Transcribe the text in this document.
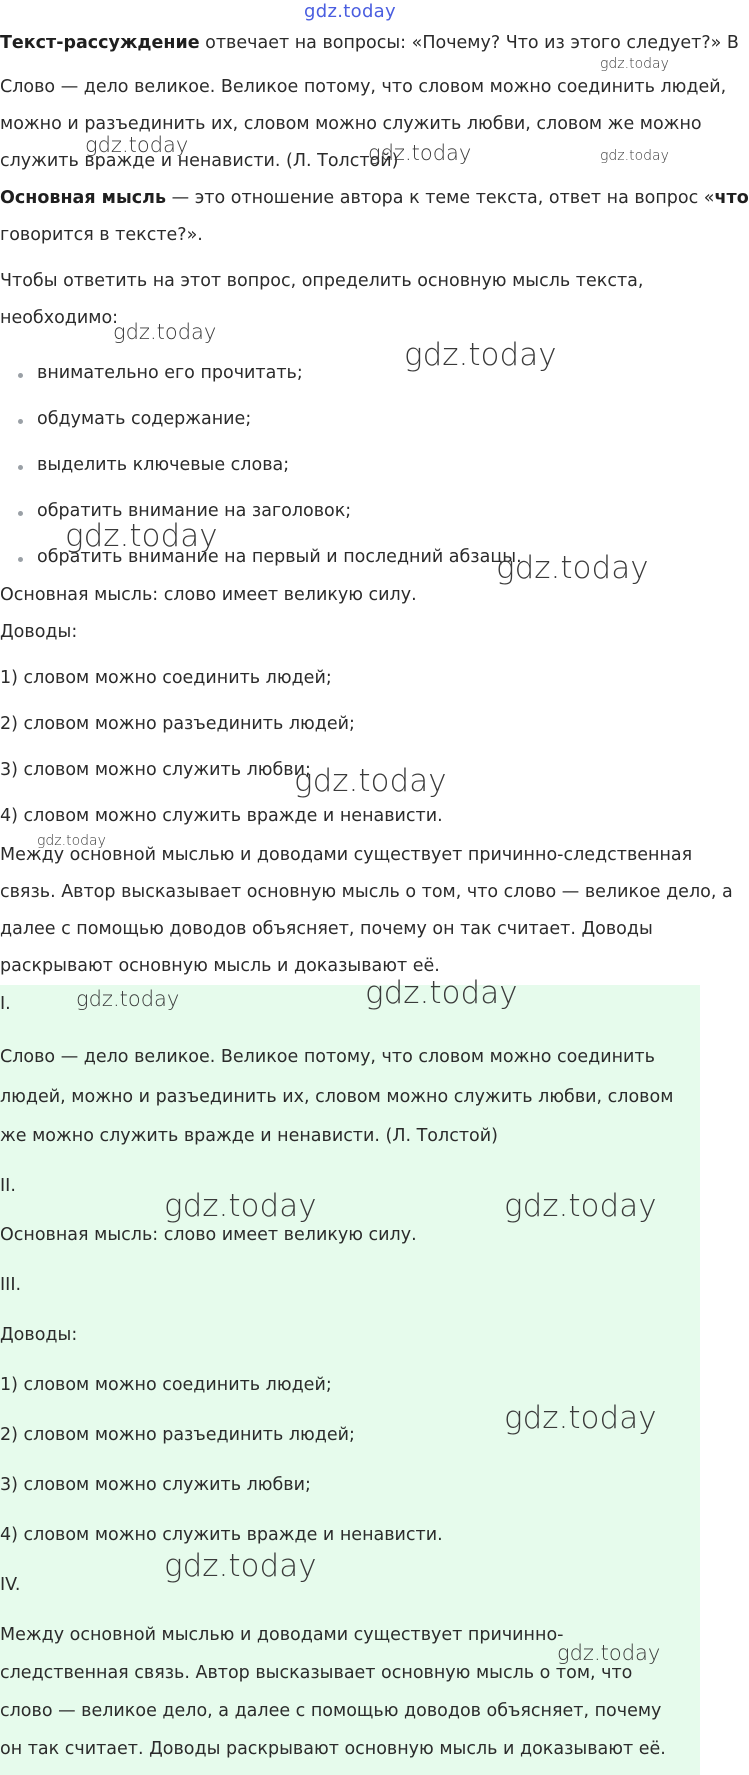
gdz.today
Текст-рассуждение отвечает на вопросы: «Почему? Что из этого следует?» В
Слово — дело великое. Великое потому, что словом можно соединить людей,
можно и разъединить их, словом можно служить любви, словом же можно
служить вражде и ненависти. (Л. Толстой)
Основная мысль — это отношение автора к теме текста, ответ на вопрос «что
говорится в тексте?».
Чтобы ответить на этот вопрос, определить основную мысль текста,
необходимо:
внимательно его прочитать;
обдумать содержание;
выделить ключевые слова;
обратить внимание на заголовок;
обратить внимание на первый и последний абзацы.
Основная мысль: слово имеет великую силу.
Доводы:
1) словом можно соединить людей;
2) словом можно разъединить людей;
3) словом можно служить любви;
4) словом можно служить вражде и ненависти.
Между основной мыслью и доводами существует причинно-следственная
связь. Автор высказывает основную мысль о том, что слово — великое дело, а
далее с помощью доводов объясняет, почему он так считает. Доводы
раскрывают основную мысль и доказывают её.
I.
Слово — дело великое. Великое потому, что словом можно соединить
людей, можно и разъединить их, словом можно служить любви, словом
же можно служить вражде и ненависти. (Л. Толстой)
II.
Основная мысль: слово имеет великую силу.
III.
Доводы:
1) словом можно соединить людей;
2) словом можно разъединить людей;
3) словом можно служить любви;
4) словом можно служить вражде и ненависти.
IV.
Между основной мыслью и доводами существует причинно-
следственная связь. Автор высказывает основную мысль о том, что
слово — великое дело, а далее с помощью доводов объясняет, почему
он так считает. Доводы раскрывают основную мысль и доказывают её.
gdz.today
gdz.today	gdz.today	gdz.today
gdz.today
gdz.today
gdz.today
gdz.today
gdz.today
gdz.today
gdz.today	gdz.today
gdz.today	gdz.today
gdz.today
gdz.today
gdz.today
